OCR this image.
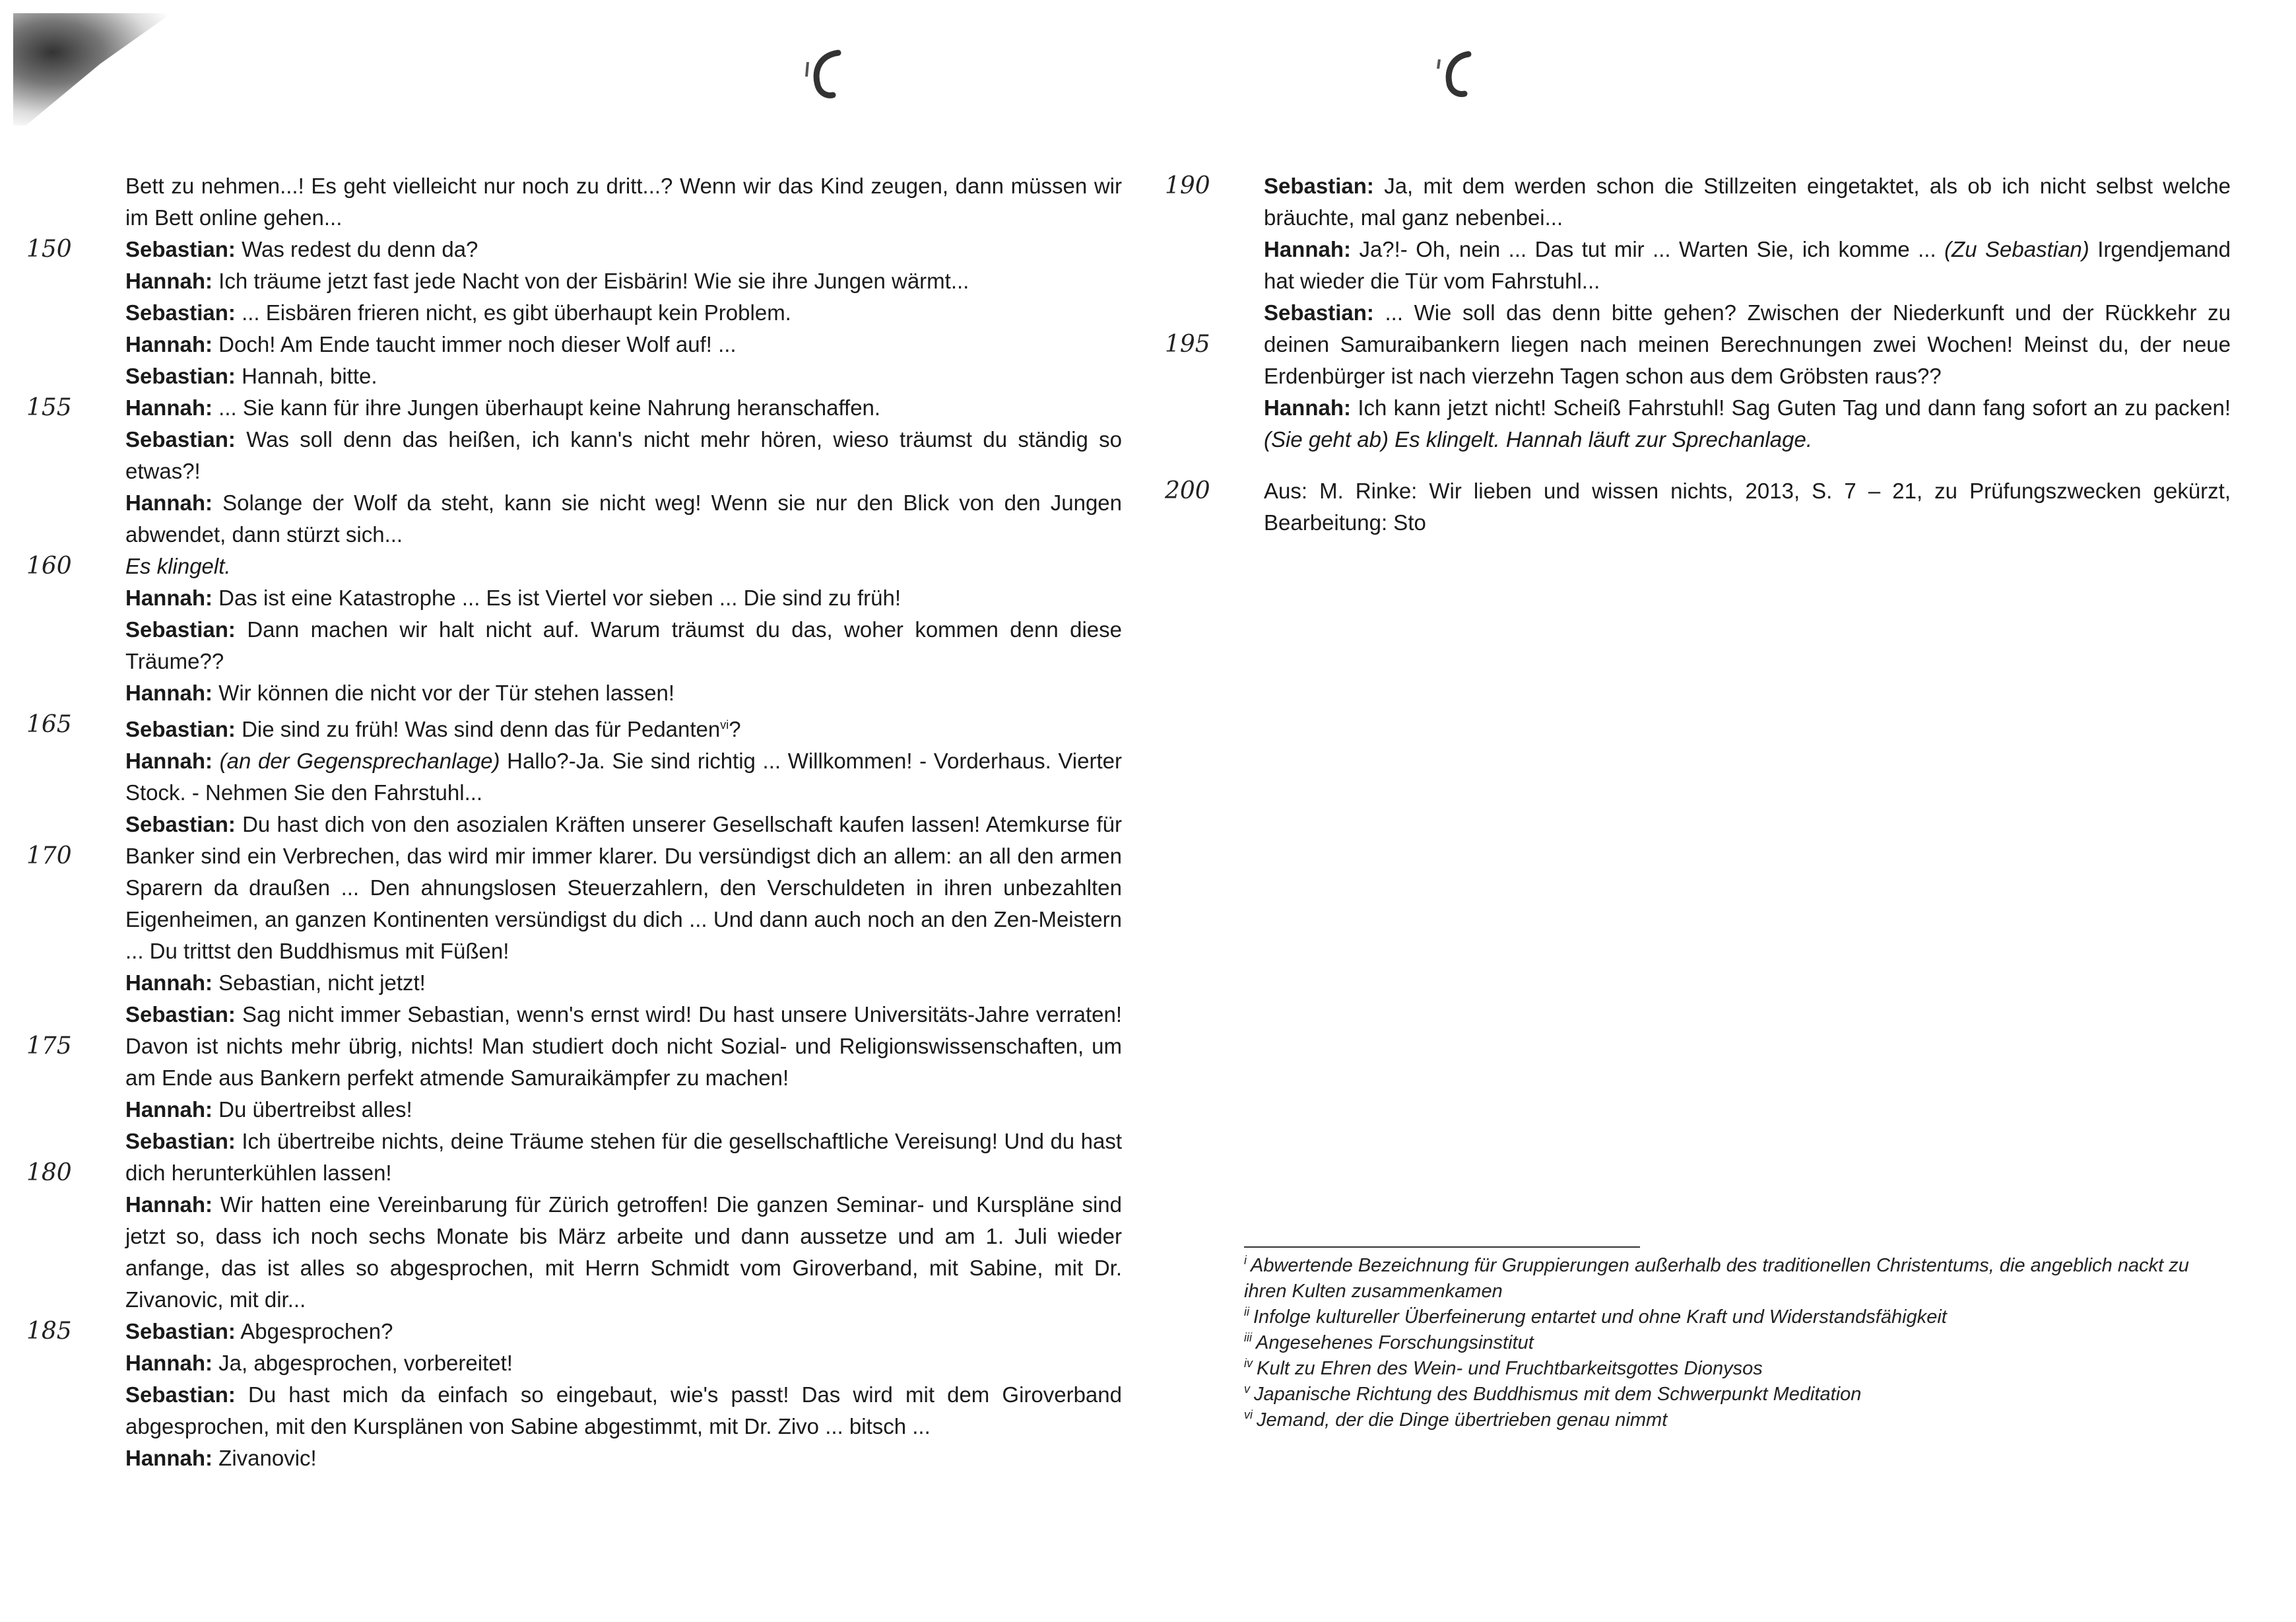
Bett zu nehmen...! Es geht vielleicht nur noch zu dritt...? Wenn wir das Kind zeugen, dann müssen wir im Bett online gehen...
150	Sebastian: Was redest du denn da?
Hannah: Ich träume jetzt fast jede Nacht von der Eisbärin! Wie sie ihre Jungen wärmt...
Sebastian: ... Eisbären frieren nicht, es gibt überhaupt kein Problem.
Hannah: Doch! Am Ende taucht immer noch dieser Wolf auf! ...
Sebastian: Hannah, bitte.
155	Hannah: ... Sie kann für ihre Jungen überhaupt keine Nahrung heranschaffen.
Sebastian: Was soll denn das heißen, ich kann's nicht mehr hören, wieso träumst du ständig so etwas?!
Hannah: Solange der Wolf da steht, kann sie nicht weg! Wenn sie nur den Blick von den Jungen abwendet, dann stürzt sich...
160	Es klingelt.
Hannah: Das ist eine Katastrophe ... Es ist Viertel vor sieben ... Die sind zu früh!
Sebastian: Dann machen wir halt nicht auf. Warum träumst du das, woher kommen denn diese Träume??
Hannah: Wir können die nicht vor der Tür stehen lassen!
165	Sebastian: Die sind zu früh! Was sind denn das für Pedanten$^{vi}$?
Hannah: (an der Gegensprechanlage) Hallo?-Ja. Sie sind richtig ... Willkommen! - Vorderhaus. Vierter Stock. - Nehmen Sie den Fahrstuhl...
170
Sebastian: Du hast dich von den asozialen Kräften unserer Gesellschaft kaufen lassen! Atemkurse für Banker sind ein Verbrechen, das wird mir immer klarer. Du versündigst dich an allem: an all den armen Sparern da draußen ... Den ahnungslosen Steuerzahlern, den Verschuldeten in ihren unbezahlten Eigenheimen, an ganzen Kontinenten versündigst du dich ... Und dann auch noch an den Zen-Meistern ... Du trittst den Buddhismus mit Füßen!
Hannah: Sebastian, nicht jetzt!
175
Sebastian: Sag nicht immer Sebastian, wenn's ernst wird! Du hast unsere Universitäts-Jahre verraten! Davon ist nichts mehr übrig, nichts! Man studiert doch nicht Sozial- und Religionswissenschaften, um am Ende aus Bankern perfekt atmende Samuraikämpfer zu machen!
Hannah: Du übertreibst alles!
180
Sebastian: Ich übertreibe nichts, deine Träume stehen für die gesellschaftliche Vereisung! Und du hast dich herunterkühlen lassen!
Hannah: Wir hatten eine Vereinbarung für Zürich getroffen! Die ganzen Seminar- und Kurspläne sind jetzt so, dass ich noch sechs Monate bis März arbeite und dann aussetze und am 1. Juli wieder anfange, das ist alles so abgesprochen, mit Herrn Schmidt vom Giroverband, mit Sabine, mit Dr. Zivanovic, mit dir...
185	Sebastian: Abgesprochen?
Hannah: Ja, abgesprochen, vorbereitet!
Sebastian: Du hast mich da einfach so eingebaut, wie's passt! Das wird mit dem Giroverband abgesprochen, mit den Kursplänen von Sabine abgestimmt, mit Dr. Zivo ... bitsch ...
Hannah: Zivanovic!
190	Sebastian: Ja, mit dem werden schon die Stillzeiten eingetaktet, als ob ich nicht selbst welche bräuchte, mal ganz nebenbei...
Hannah: Ja?!- Oh, nein ... Das tut mir ... Warten Sie, ich komme ... (Zu Sebastian) Irgendjemand hat wieder die Tür vom Fahrstuhl...
195
Sebastian: ... Wie soll das denn bitte gehen? Zwischen der Niederkunft und der Rückkehr zu deinen Samuraibankern liegen nach meinen Berechnungen zwei Wochen! Meinst du, der neue Erdenbürger ist nach vierzehn Tagen schon aus dem Gröbsten raus??
Hannah: Ich kann jetzt nicht! Scheiß Fahrstuhl! Sag Guten Tag und dann fang sofort an zu packen! (Sie geht ab) Es klingelt. Hannah läuft zur Sprechanlage.
200	Aus: M. Rinke: Wir lieben und wissen nichts, 2013, S. 7 – 21, zu Prüfungszwecken gekürzt, Bearbeitung: Sto
$^i$ Abwertende Bezeichnung für Gruppierungen außerhalb des traditionellen Christentums, die angeblich nackt zu ihren Kulten zusammenkamen
$^{ii}$ Infolge kultureller Überfeinerung entartet und ohne Kraft und Widerstandsfähigkeit
$^{iii}$ Angesehenes Forschungsinstitut
$^{iv}$ Kult zu Ehren des Wein- und Fruchtbarkeitsgottes Dionysos
$^v$ Japanische Richtung des Buddhismus mit dem Schwerpunkt Meditation
$^{vi}$ Jemand, der die Dinge übertrieben genau nimmt
